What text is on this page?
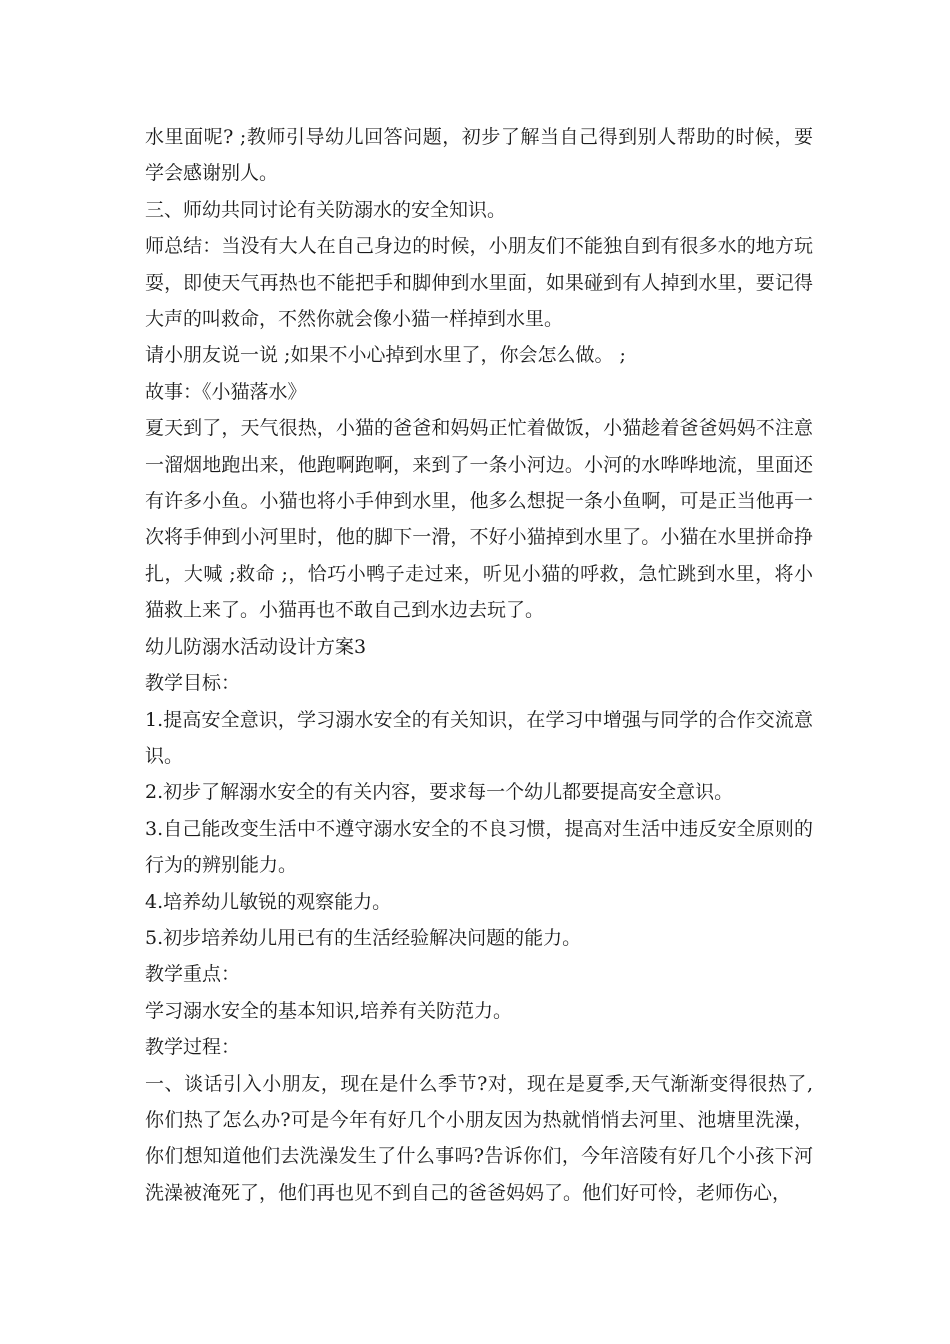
水里面呢? ;教师引导幼儿回答问题，初步了解当自己得到别人帮助的时候，要学会感谢别人。

三、师幼共同讨论有关防溺水的安全知识。

师总结：当没有大人在自己身边的时候，小朋友们不能独自到有很多水的地方玩耍，即使天气再热也不能把手和脚伸到水里面，如果碰到有人掉到水里，要记得大声的叫救命，不然你就会像小猫一样掉到水里。

请小朋友说一说 ;如果不小心掉到水里了，你会怎么做。 ;

故事：《小猫落水》

夏天到了，天气很热，小猫的爸爸和妈妈正忙着做饭，小猫趁着爸爸妈妈不注意一溜烟地跑出来，他跑啊跑啊，来到了一条小河边。小河的水哗哗地流，里面还有许多小鱼。小猫也将小手伸到水里，他多么想捉一条小鱼啊，可是正当他再一次将手伸到小河里时，他的脚下一滑，不好小猫掉到水里了。小猫在水里拼命挣扎，大喊 ;救命 ;，恰巧小鸭子走过来，听见小猫的呼救，急忙跳到水里，将小猫救上来了。小猫再也不敢自己到水边去玩了。

幼儿防溺水活动设计方案3

教学目标：

1.提高安全意识，学习溺水安全的有关知识，在学习中增强与同学的合作交流意识。

2.初步了解溺水安全的有关内容，要求每一个幼儿都要提高安全意识。

3.自己能改变生活中不遵守溺水安全的不良习惯，提高对生活中违反安全原则的行为的辨别能力。

4.培养幼儿敏锐的观察能力。

5.初步培养幼儿用已有的生活经验解决问题的能力。

教学重点：

学习溺水安全的基本知识,培养有关防范力。

教学过程：

一、谈话引入小朋友，现在是什么季节?对，现在是夏季,天气渐渐变得很热了,你们热了怎么办?可是今年有好几个小朋友因为热就悄悄去河里、池塘里洗澡，你们想知道他们去洗澡发生了什么事吗?告诉你们，今年涪陵有好几个小孩下河洗澡被淹死了，他们再也见不到自己的爸爸妈妈了。他们好可怜，老师伤心，
